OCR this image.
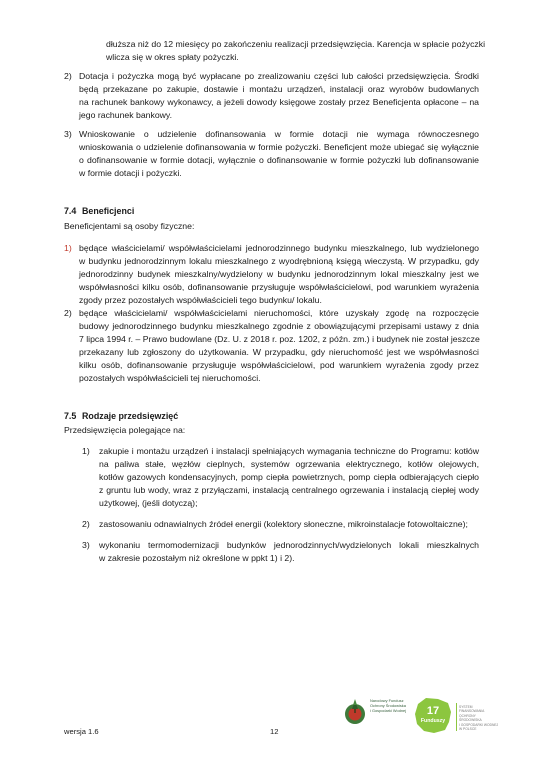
dłuższa niż do 12 miesięcy po zakończeniu realizacji przedsięwzięcia. Karencja w spłacie pożyczki
wlicza się w okres spłaty pożyczki.
2) Dotacja i pożyczka mogą być wypłacane po zrealizowaniu części lub całości przedsięwzięcia. Środki
będą przekazane po zakupie, dostawie i montażu urządzeń, instalacji oraz wyrobów budowlanych
na rachunek bankowy wykonawcy, a jeżeli dowody księgowe zostały przez Beneficjenta opłacone – na
jego rachunek bankowy.
3) Wnioskowanie o udzielenie dofinansowania w formie dotacji nie wymaga równoczesnego
wnioskowania o udzielenie dofinansowania w formie pożyczki. Beneficjent może ubiegać się wyłącznie
o dofinansowanie w formie dotacji, wyłącznie o dofinansowanie w formie pożyczki lub dofinansowanie
w formie dotacji i pożyczki.
7.4 Beneficjenci
Beneficjentami są osoby fizyczne:
1) będące właścicielami/ współwłaścicielami jednorodzinnego budynku mieszkalnego, lub wydzielonego
w budynku jednorodzinnym lokalu mieszkalnego z wyodrębnioną księgą wieczystą. W przypadku, gdy
jednorodzinny budynek mieszkalny/wydzielony w budynku jednorodzinnym lokal mieszkalny jest we
współwłasności kilku osób, dofinansowanie przysługuje współwłaścicielowi, pod warunkiem wyrażenia
zgody przez pozostałych współwłaścicieli tego budynku/ lokalu.
2) będące właścicielami/ współwłaścicielami nieruchomości, które uzyskały zgodę na rozpoczęcie
budowy jednorodzinnego budynku mieszkalnego zgodnie z obowiązującymi przepisami ustawy z dnia
7 lipca 1994 r. – Prawo budowlane (Dz. U. z 2018 r. poz. 1202, z późn. zm.) i budynek nie został jeszcze
przekazany lub zgłoszony do użytkowania. W przypadku, gdy nieruchomość jest we współwłasności
kilku osób, dofinansowanie przysługuje współwłaścicielowi, pod warunkiem wyrażenia zgody przez
pozostałych współwłaścicieli tej nieruchomości.
7.5 Rodzaje przedsięwzięć
Przedsięwzięcia polegające na:
1) zakupie i montażu urządzeń i instalacji spełniających wymagania techniczne do Programu: kotłów
na paliwa stałe, węzłów cieplnych, systemów ogrzewania elektrycznego, kotłów olejowych,
kotłów gazowych kondensacyjnych, pomp ciepła powietrznych, pomp ciepła odbierających ciepło
z gruntu lub wody, wraz z przyłączami, instalacją centralnego ogrzewania i instalacją ciepłej wody
użytkowej, (jeśli dotyczą);
2) zastosowaniu odnawialnych źródeł energii (kolektory słoneczne, mikroinstalacje fotowoltaiczne);
3) wykonaniu termomodernizacji budynków jednorodzinnych/wydzielonych lokali mieszkalnych
w zakresie pozostałym niż określone w ppkt 1) i 2).
wersja 1.6	12
Narodowy Fundusz
Ochrony Środowiska
i Gospodarki Wodnej 17
Funduszy
SYSTEM
FINANSOWANIA
OCHRONY
ŚRODOWISKA
I GOSPODARKI WODNEJ
W POLSCE
